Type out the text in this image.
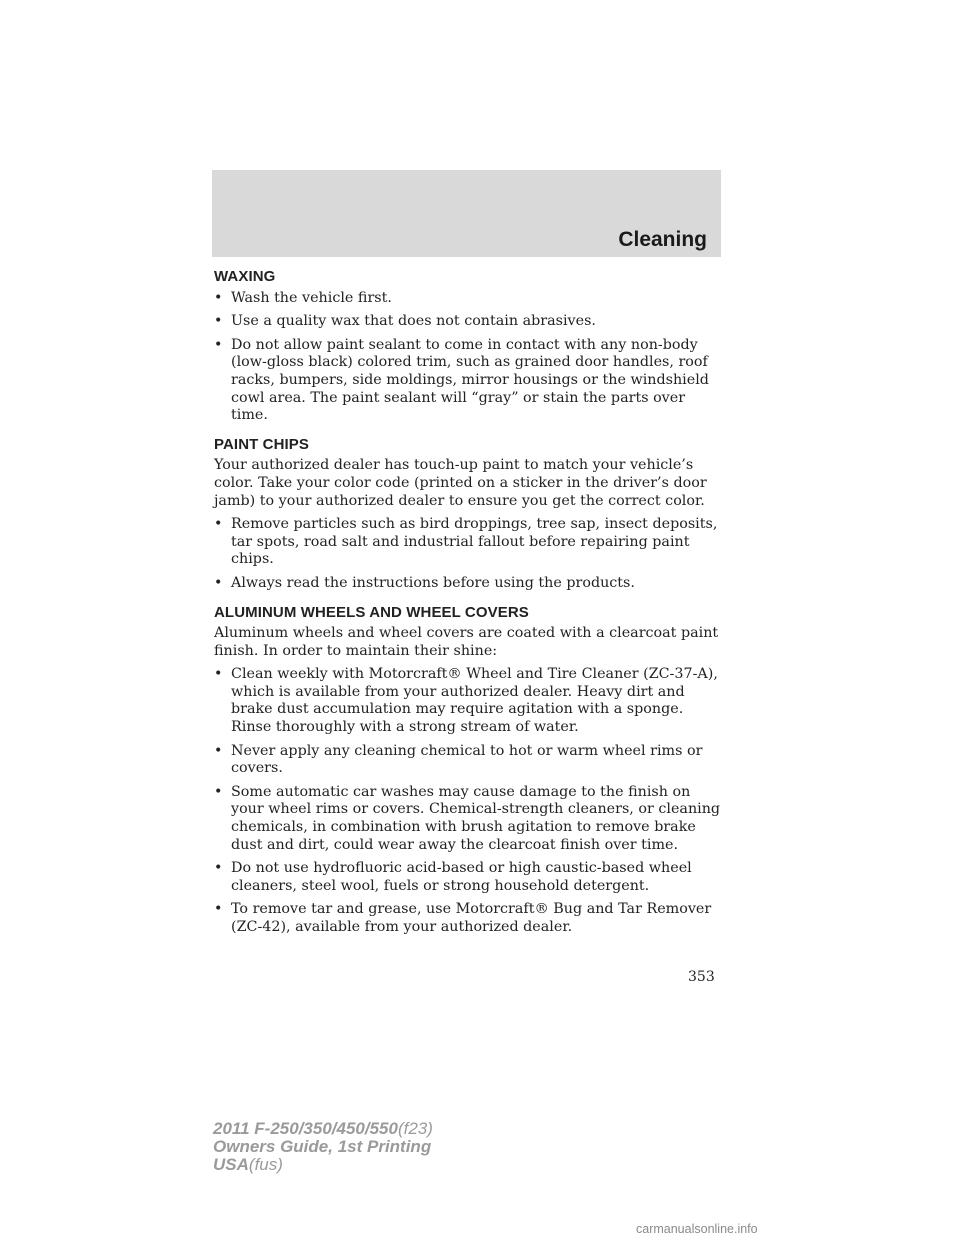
Cleaning
WAXING
• Wash the vehicle first.
• Use a quality wax that does not contain abrasives.
• Do not allow paint sealant to come in contact with any non-body (low-gloss black) colored trim, such as grained door handles, roof racks, bumpers, side moldings, mirror housings or the windshield cowl area. The paint sealant will “gray” or stain the parts over time.
PAINT CHIPS

Your authorized dealer has touch-up paint to match your vehicle’s color. Take your color code (printed on a sticker in the driver’s door jamb) to your authorized dealer to ensure you get the correct color.

• Remove particles such as bird droppings, tree sap, insect deposits, tar spots, road salt and industrial fallout before repairing paint chips.
• Always read the instructions before using the products.
ALUMINUM WHEELS AND WHEEL COVERS

Aluminum wheels and wheel covers are coated with a clearcoat paint finish. In order to maintain their shine:

• Clean weekly with Motorcraft® Wheel and Tire Cleaner (ZC-37-A), which is available from your authorized dealer. Heavy dirt and brake dust accumulation may require agitation with a sponge. Rinse thoroughly with a strong stream of water.
• Never apply any cleaning chemical to hot or warm wheel rims or covers.
• Some automatic car washes may cause damage to the finish on your wheel rims or covers. Chemical-strength cleaners, or cleaning chemicals, in combination with brush agitation to remove brake dust and dirt, could wear away the clearcoat finish over time.
• Do not use hydrofluoric acid-based or high caustic-based wheel cleaners, steel wool, fuels or strong household detergent.
• To remove tar and grease, use Motorcraft® Bug and Tar Remover (ZC-42), available from your authorized dealer.
353
2011 F-250/350/450/550(f23)
Owners Guide, 1st Printing
USA(fus)
carmanualsonline.info
